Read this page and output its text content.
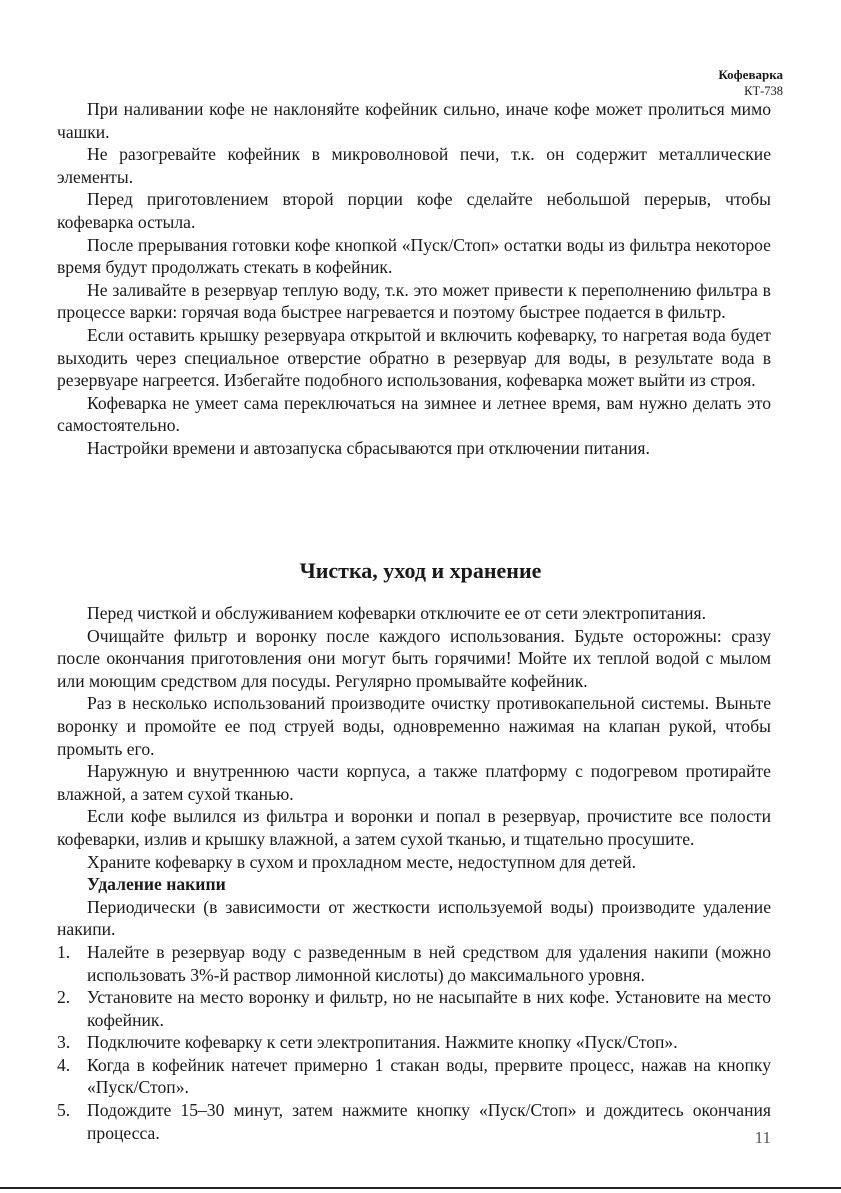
Кофеварка
КТ-738

При наливании кофе не наклоняйте кофейник сильно, иначе кофе может пролиться мимо чашки.

Не разогревайте кофейник в микроволновой печи, т.к. он содержит металлические элементы.

Перед приготовлением второй порции кофе сделайте небольшой перерыв, чтобы кофеварка остыла.

После прерывания готовки кофе кнопкой «Пуск/Стоп» остатки воды из фильтра некоторое время будут продолжать стекать в кофейник.

Не заливайте в резервуар теплую воду, т.к. это может привести к переполнению фильтра в процессе варки: горячая вода быстрее нагревается и поэтому быстрее подается в фильтр.

Если оставить крышку резервуара открытой и включить кофеварку, то нагретая вода будет выходить через специальное отверстие обратно в резервуар для воды, в результате вода в резервуаре нагреется. Избегайте подобного использования, кофеварка может выйти из строя.

Кофеварка не умеет сама переключаться на зимнее и летнее время, вам нужно делать это самостоятельно.

Настройки времени и автозапуска сбрасываются при отключении питания.

Чистка, уход и хранение

Перед чисткой и обслуживанием кофеварки отключите ее от сети электропитания.

Очищайте фильтр и воронку после каждого использования. Будьте осторожны: сразу после окончания приготовления они могут быть горячими! Мойте их теплой водой с мылом или моющим средством для посуды. Регулярно промывайте кофейник.

Раз в несколько использований производите очистку противокапельной системы. Выньте воронку и промойте ее под струей воды, одновременно нажимая на клапан рукой, чтобы промыть его.

Наружную и внутреннюю части корпуса, а также платформу с подогревом протирайте влажной, а затем сухой тканью.

Если кофе вылился из фильтра и воронки и попал в резервуар, прочистите все полости кофеварки, излив и крышку влажной, а затем сухой тканью, и тщательно просушите.

Храните кофеварку в сухом и прохладном месте, недоступном для детей.

Удаление накипи

Периодически (в зависимости от жесткости используемой воды) производите удаление накипи.

1. Налейте в резервуар воду с разведенным в ней средством для удаления накипи (можно использовать 3%-й раствор лимонной кислоты) до максимального уровня.
2. Установите на место воронку и фильтр, но не насыпайте в них кофе. Установите на место кофейник.
3. Подключите кофеварку к сети электропитания. Нажмите кнопку «Пуск/Стоп».
4. Когда в кофейник натечет примерно 1 стакан воды, прервите процесс, нажав на кнопку «Пуск/Стоп».
5. Подождите 15–30 минут, затем нажмите кнопку «Пуск/Стоп» и дождитесь окончания процесса.	11
